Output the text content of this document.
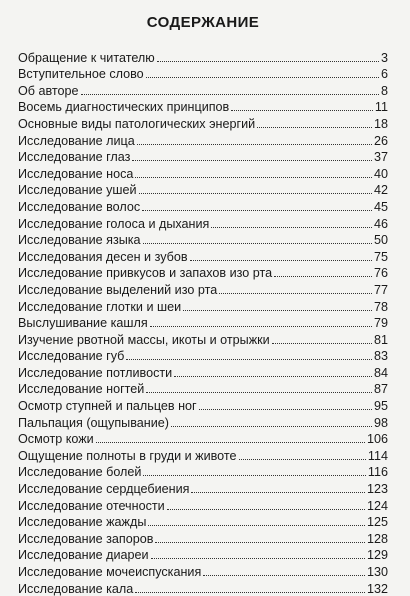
СОДЕРЖАНИЕ
Обращение к читателю	3
Вступительное слово	6
Об авторе	8
Восемь диагностических принципов	11
Основные виды патологических энергий	18
Исследование лица	26
Исследование глаз	37
Исследование носа	40
Исследование ушей	42
Исследование волос	45
Исследование голоса и дыхания	46
Исследование языка	50
Исследования десен и зубов	75
Исследование привкусов и запахов изо рта	76
Исследование выделений изо рта	77
Исследование глотки и шеи	78
Выслушивание кашля	79
Изучение рвотной массы, икоты и отрыжки	81
Исследование губ	83
Исследование потливости	84
Исследование ногтей	87
Осмотр ступней и пальцев ног	95
Пальпация (ощупывание)	98
Осмотр кожи	106
Ощущение полноты в груди и животе	114
Исследование болей	116
Исследование сердцебиения	123
Исследование отечности	124
Исследование жажды	125
Исследование запоров	128
Исследование диареи	129
Исследование мочеиспускания	130
Исследование кала	132
